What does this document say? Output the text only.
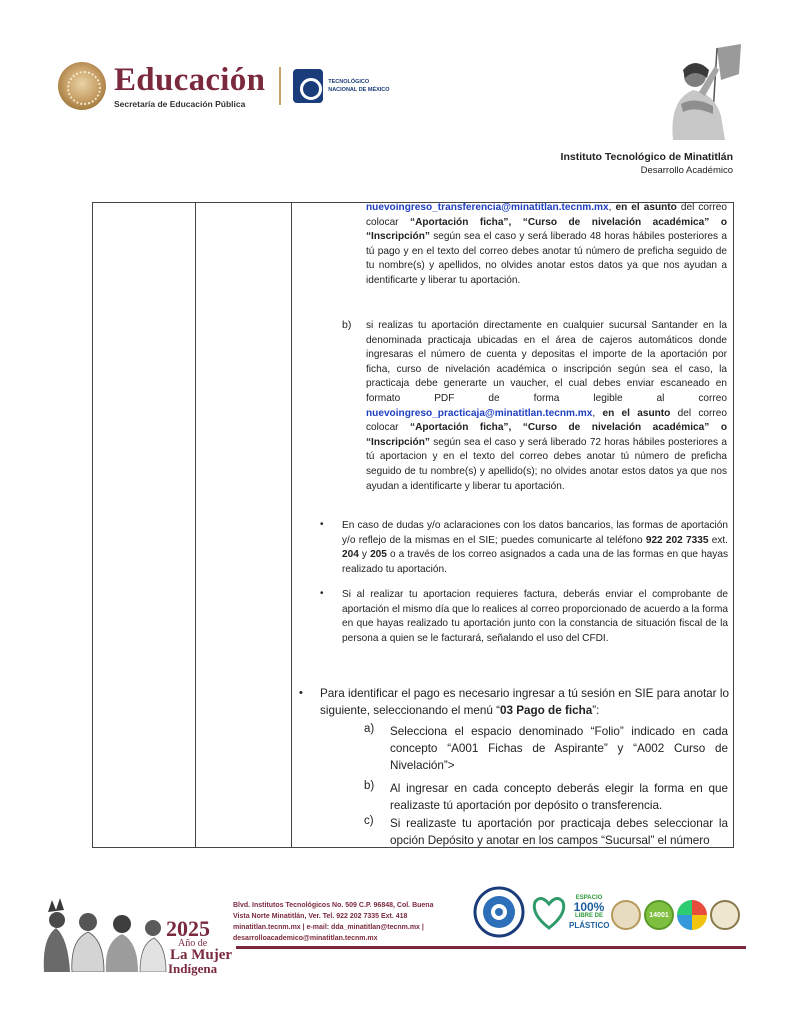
Educación
Secretaría de Educación Pública
TECNOLÓGICO
NACIONAL DE MÉXICO
Instituto Tecnológico de Minatitlán
Desarrollo Académico
nuevoingreso_transferencia@minatitlan.tecnm.mx, en el asunto del correo colocar “Aportación ficha”, “Curso de nivelación académica” o “Inscripción” según sea el caso y será liberado 48 horas hábiles posteriores a tú pago y en el texto del correo debes anotar tú número de preficha seguido de tu nombre(s) y apellidos, no olvides anotar estos datos ya que nos ayudan a identificarte y liberar tu aportación.
b) si realizas tu aportación directamente en cualquier sucursal Santander en la denominada practicaja ubicadas en el área de cajeros automáticos donde ingresaras el número de cuenta y depositas el importe de la aportación por ficha, curso de nivelación académica o inscripción según sea el caso, la practicaja debe generarte un vaucher, el cual debes enviar escaneado en formato PDF de forma legible al correo nuevoingreso_practicaja@minatitlan.tecnm.mx, en el asunto del correo colocar “Aportación ficha”, “Curso de nivelación académica” o “Inscripción” según sea el caso y será liberado 72 horas hábiles posteriores a tú aportacion y en el texto del correo debes anotar tú número de preficha seguido de tu nombre(s) y apellido(s); no olvides anotar estos datos ya que nos ayudan a identificarte y liberar tu aportación.
• En caso de dudas y/o aclaraciones con los datos bancarios, las formas de aportación y/o reflejo de la mismas en el SIE; puedes comunicarte al teléfono 922 202 7335 ext. 204 y 205 o a través de los correo asignados a cada una de las formas en que hayas realizado tu aportación.
• Si al realizar tu aportacion requieres factura, deberás enviar el comprobante de aportación el mismo día que lo realices al correo proporcionado de acuerdo a la forma en que hayas realizado tu aportación junto con la constancia de situación fiscal de la persona a quien se le facturará, señalando el uso del CFDI.
• Para identificar el pago es necesario ingresar a tú sesión en SIE para anotar lo siguiente, seleccionando el menú “03 Pago de ficha”:
a) Selecciona el espacio denominado “Folio” indicado en cada concepto “A001 Fichas de Aspirante” y “A002 Curso de Nivelación”>
b) Al ingresar en cada concepto deberás elegir la forma en que realizaste tú aportación por depósito o transferencia.
c) Si realizaste tu aportación por practicaja debes seleccionar la opción Depósito y anotar en los campos “Sucursal” el número
2025
Año de
La Mujer
Indígena
Blvd. Institutos Tecnológicos No. 509 C.P. 96848, Col. Buena
Vista Norte Minatitlán, Ver. Tel. 922 202 7335 Ext. 418
minatitlan.tecnm.mx | e-mail: dda_minatitlan@tecnm.mx |
desarrolloacademico@minatitlan.tecnm.mx
ESPACIO
100%
LIBRE DE
PLÁSTICO
14001
